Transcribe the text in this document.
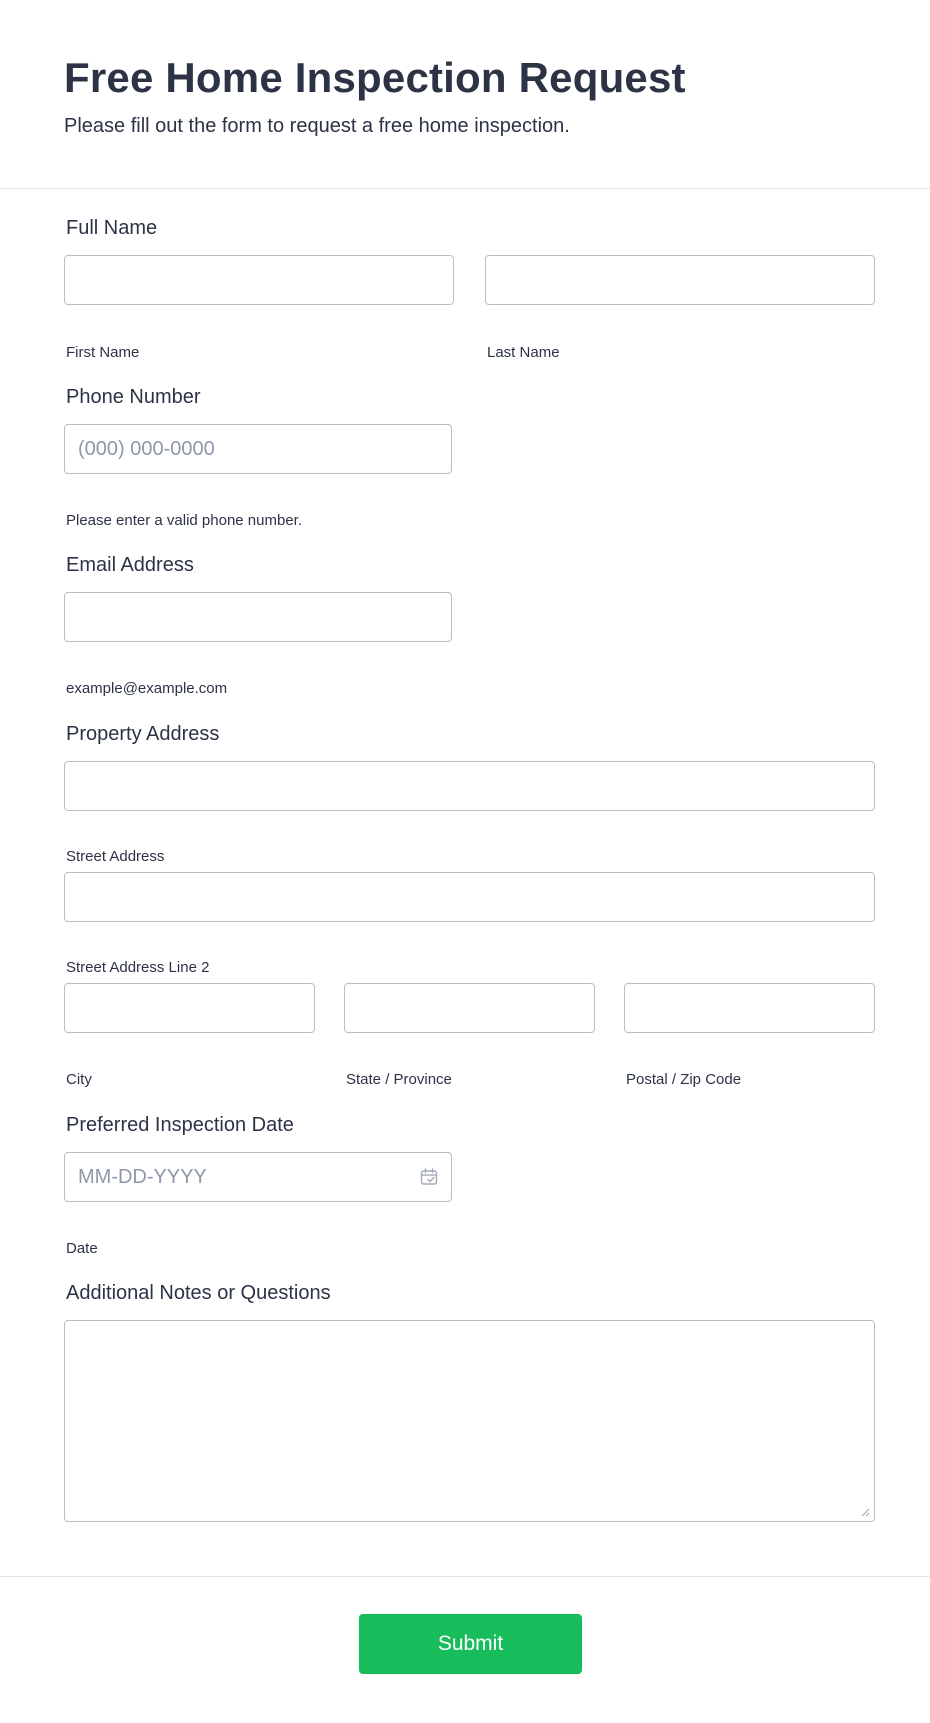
Free Home Inspection Request

Please fill out the form to request a free home inspection.

Full Name
First Name	Last Name
Phone Number
(000) 000-0000
Please enter a valid phone number.
Email Address
example@example.com
Property Address
Street Address
Street Address Line 2
City	State / Province	Postal / Zip Code
Preferred Inspection Date
MM-DD-YYYY
Date
Additional Notes or Questions
Submit
